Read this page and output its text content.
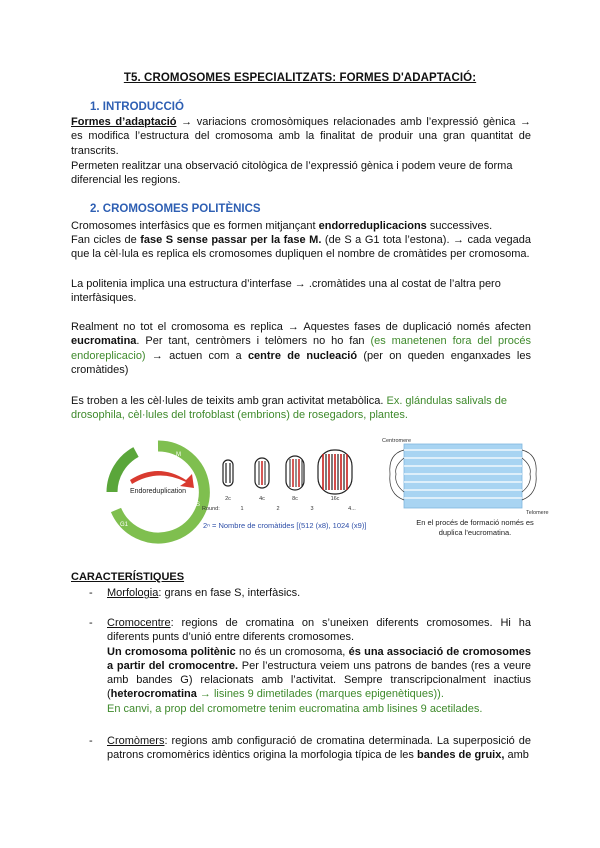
T5. CROMOSOMES ESPECIALITZATS: FORMES D'ADAPTACIÓ:
1. INTRODUCCIÓ
Formes d’adaptació → variacions cromosòmiques relacionades amb l’expressió gènica → es modifica l’estructura del cromosoma amb la finalitat de produir una gran quantitat de transcrits.
Permeten realitzar una observació citològica de l’expressió gènica i podem veure de forma diferencial les regions.
2. CROMOSOMES POLITÈNICS
Cromosomes interfàsics que es formen mitjançant endorreduplicacions successives.
Fan cicles de fase S sense passar per la fase M. (de S a G1 tota l’estona). → cada vegada que la cèl·lula es replica els cromosomes dupliquen el nombre de cromàtides per cromosoma.
La politenia implica una estructura d’interfase → .cromàtides una al costat de l’altra pero interfàsiques.
Realment no tot el cromosoma es replica → Aquestes fases de duplicació només afecten eucromatina. Per tant, centròmers i telòmers no ho fan (es manetenen fora del procés endoreplicacio) → actuen com a centre de nucleació (per on queden enganxades les cromàtides)
Es troben a les cèl·lules de teixits amb gran activitat metabòlica. Ex. glándulas salivals de drosophila, cèl·lules del trofoblast (embrions) de rosegadors, plantes.
Endoreduplication
G2
M
S
G1
2c	4c	8c	16c
Round:	1	2	3	4...
2ⁿ = Nombre de cromàtides [(512 (x8), 1024 (x9)]
Centromere
Telomere
En el procés de formació només es duplica l’eucromatina.
CARACTERÍSTIQUES
- Morfologia: grans en fase S, interfàsics.
- Cromocentre: regions de cromatina on s’uneixen diferents cromosomes. Hi ha diferents punts d’unió entre diferents cromosomes.
Un cromosoma politènic no és un cromosoma, és una associació de cromosomes a partir del cromocentre. Per l’estructura veiem uns patrons de bandes (res a veure amb bandes G) relacionats amb l’activitat. Sempre transcripcionalment inactius (heterocromatina → lisines 9 dimetilades (marques epigenètiques)).
En canvi, a prop del cromometre tenim eucromatina amb lisines 9 acetilades.
- Cromòmers: regions amb configuració de cromatina determinada. La superposició de patrons cromomèrics idèntics origina la morfologia típica de les bandes de gruix, amb
